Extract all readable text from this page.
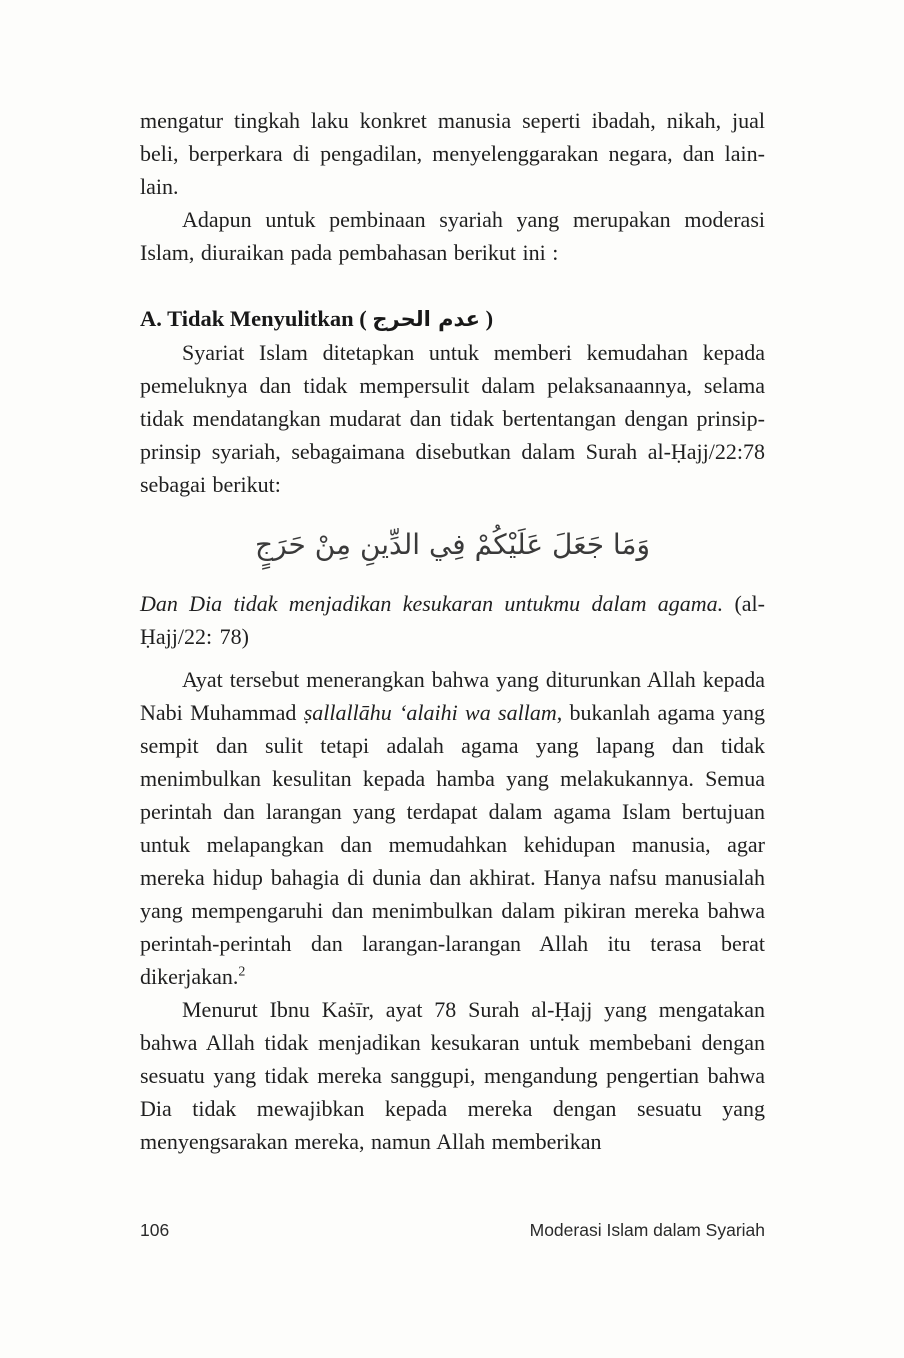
mengatur tingkah laku konkret manusia seperti ibadah, nikah, jual beli, berperkara di pengadilan, menyelenggarakan negara, dan lain-lain.

Adapun untuk pembinaan syariah yang merupakan moderasi Islam, diuraikan pada pembahasan berikut ini :

A. Tidak Menyulitkan ( عدم الحرج )

Syariat Islam ditetapkan untuk memberi kemudahan kepada pemeluknya dan tidak mempersulit dalam pelaksanaannya, selama tidak mendatangkan mudarat dan tidak bertentangan dengan prinsip-prinsip syariah, sebagaimana disebutkan dalam Surah al-Ḥajj/22:78 sebagai berikut:

وَمَا جَعَلَ عَلَيْكُمْ فِي الدِّينِ مِنْ حَرَجٍ

Dan Dia tidak menjadikan kesukaran untukmu dalam agama. (al-Ḥajj/22: 78)

Ayat tersebut menerangkan bahwa yang diturunkan Allah kepada Nabi Muhammad ṣallallāhu ‘alaihi wa sallam, bukanlah agama yang sempit dan sulit tetapi adalah agama yang lapang dan tidak menimbulkan kesulitan kepada hamba yang melakukannya. Semua perintah dan larangan yang terdapat dalam agama Islam bertujuan untuk melapangkan dan memudahkan kehidupan manusia, agar mereka hidup bahagia di dunia dan akhirat. Hanya nafsu manusialah yang mempengaruhi dan menimbulkan dalam pikiran mereka bahwa perintah-perintah dan larangan-larangan Allah itu terasa berat dikerjakan.$^2$

Menurut Ibnu Kaṡīr, ayat 78 Surah al-Ḥajj yang mengatakan bahwa Allah tidak menjadikan kesukaran untuk membebani dengan sesuatu yang tidak mereka sanggupi, mengandung pengertian bahwa Dia tidak mewajibkan kepada mereka dengan sesuatu yang menyengsarakan mereka, namun Allah memberikan

106	Moderasi Islam dalam Syariah
